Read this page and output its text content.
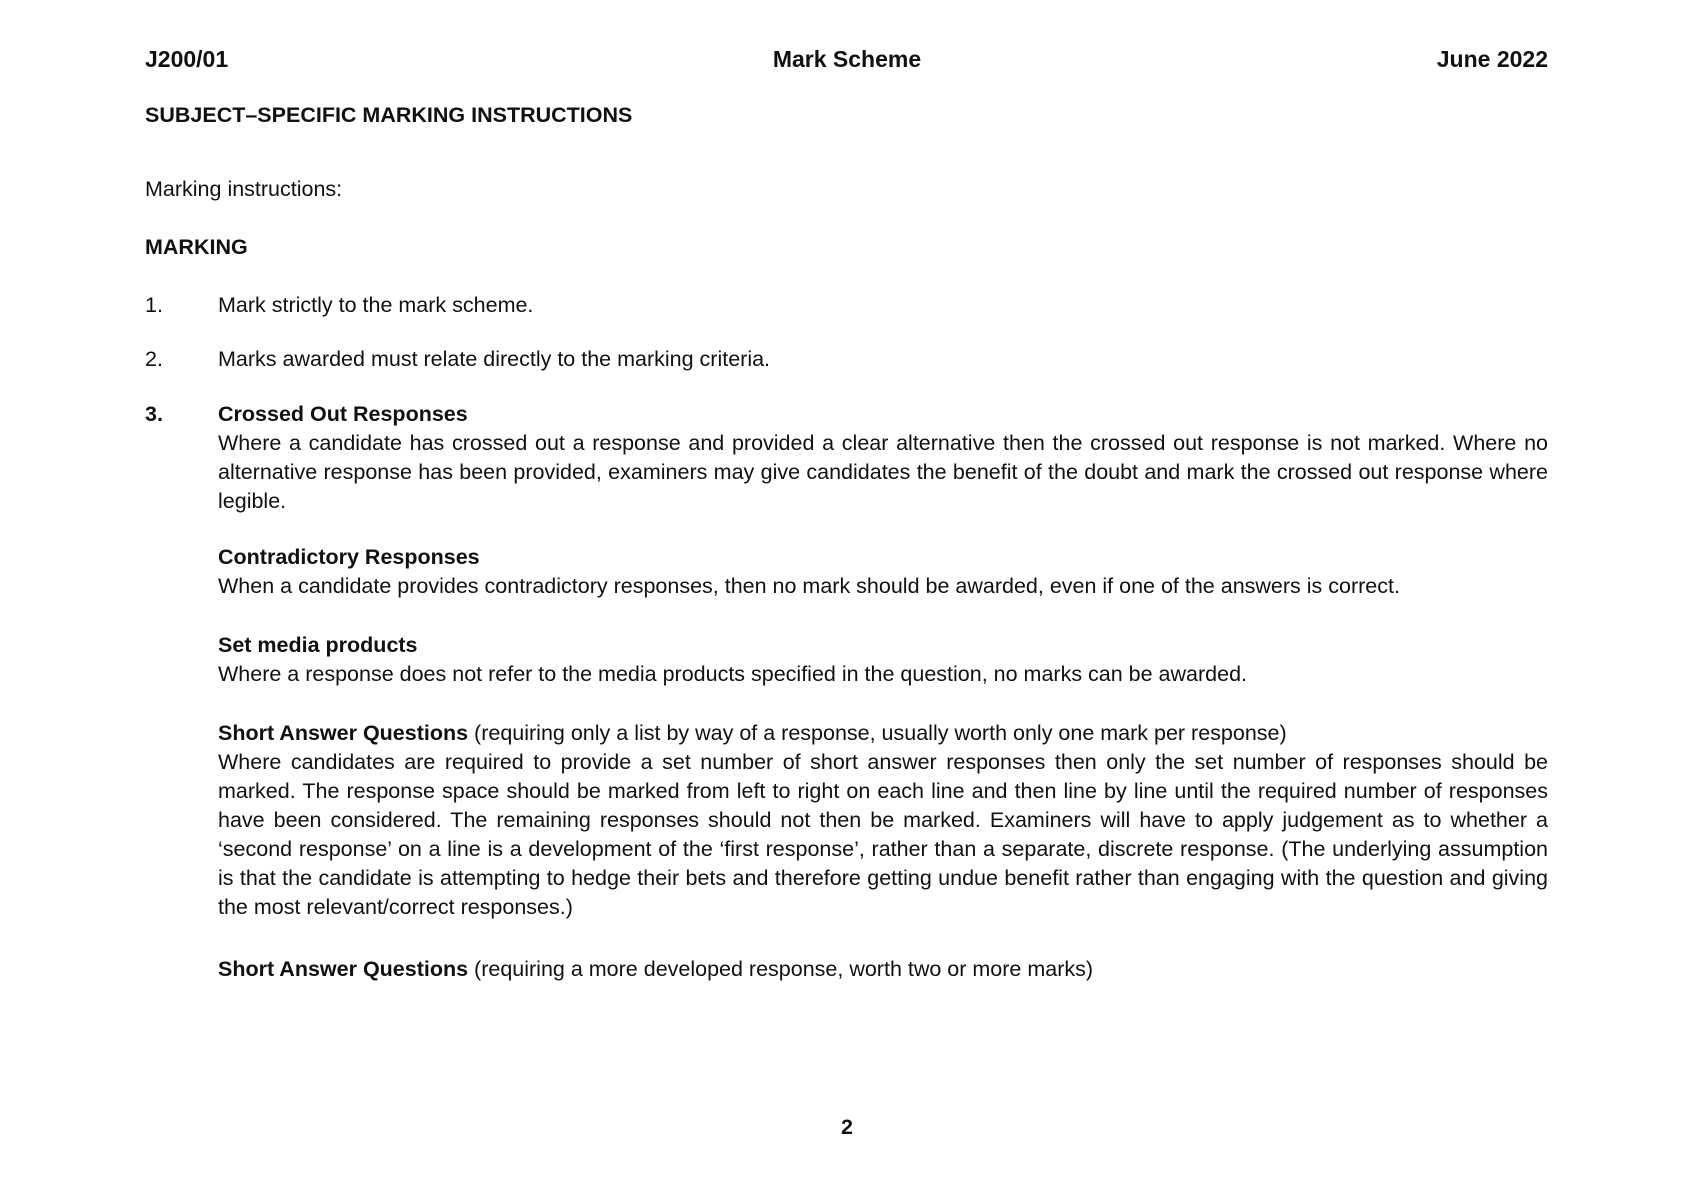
J200/01	Mark Scheme	June 2022
SUBJECT–SPECIFIC MARKING INSTRUCTIONS
Marking instructions:
MARKING
1.	Mark strictly to the mark scheme.
2.	Marks awarded must relate directly to the marking criteria.
3.	Crossed Out Responses
Where a candidate has crossed out a response and provided a clear alternative then the crossed out response is not marked. Where no alternative response has been provided, examiners may give candidates the benefit of the doubt and mark the crossed out response where legible.
Contradictory Responses
When a candidate provides contradictory responses, then no mark should be awarded, even if one of the answers is correct.
Set media products
Where a response does not refer to the media products specified in the question, no marks can be awarded.
Short Answer Questions (requiring only a list by way of a response, usually worth only one mark per response)
Where candidates are required to provide a set number of short answer responses then only the set number of responses should be marked. The response space should be marked from left to right on each line and then line by line until the required number of responses have been considered. The remaining responses should not then be marked. Examiners will have to apply judgement as to whether a ‘second response’ on a line is a development of the ‘first response’, rather than a separate, discrete response. (The underlying assumption is that the candidate is attempting to hedge their bets and therefore getting undue benefit rather than engaging with the question and giving the most relevant/correct responses.)
Short Answer Questions (requiring a more developed response, worth two or more marks)
2
